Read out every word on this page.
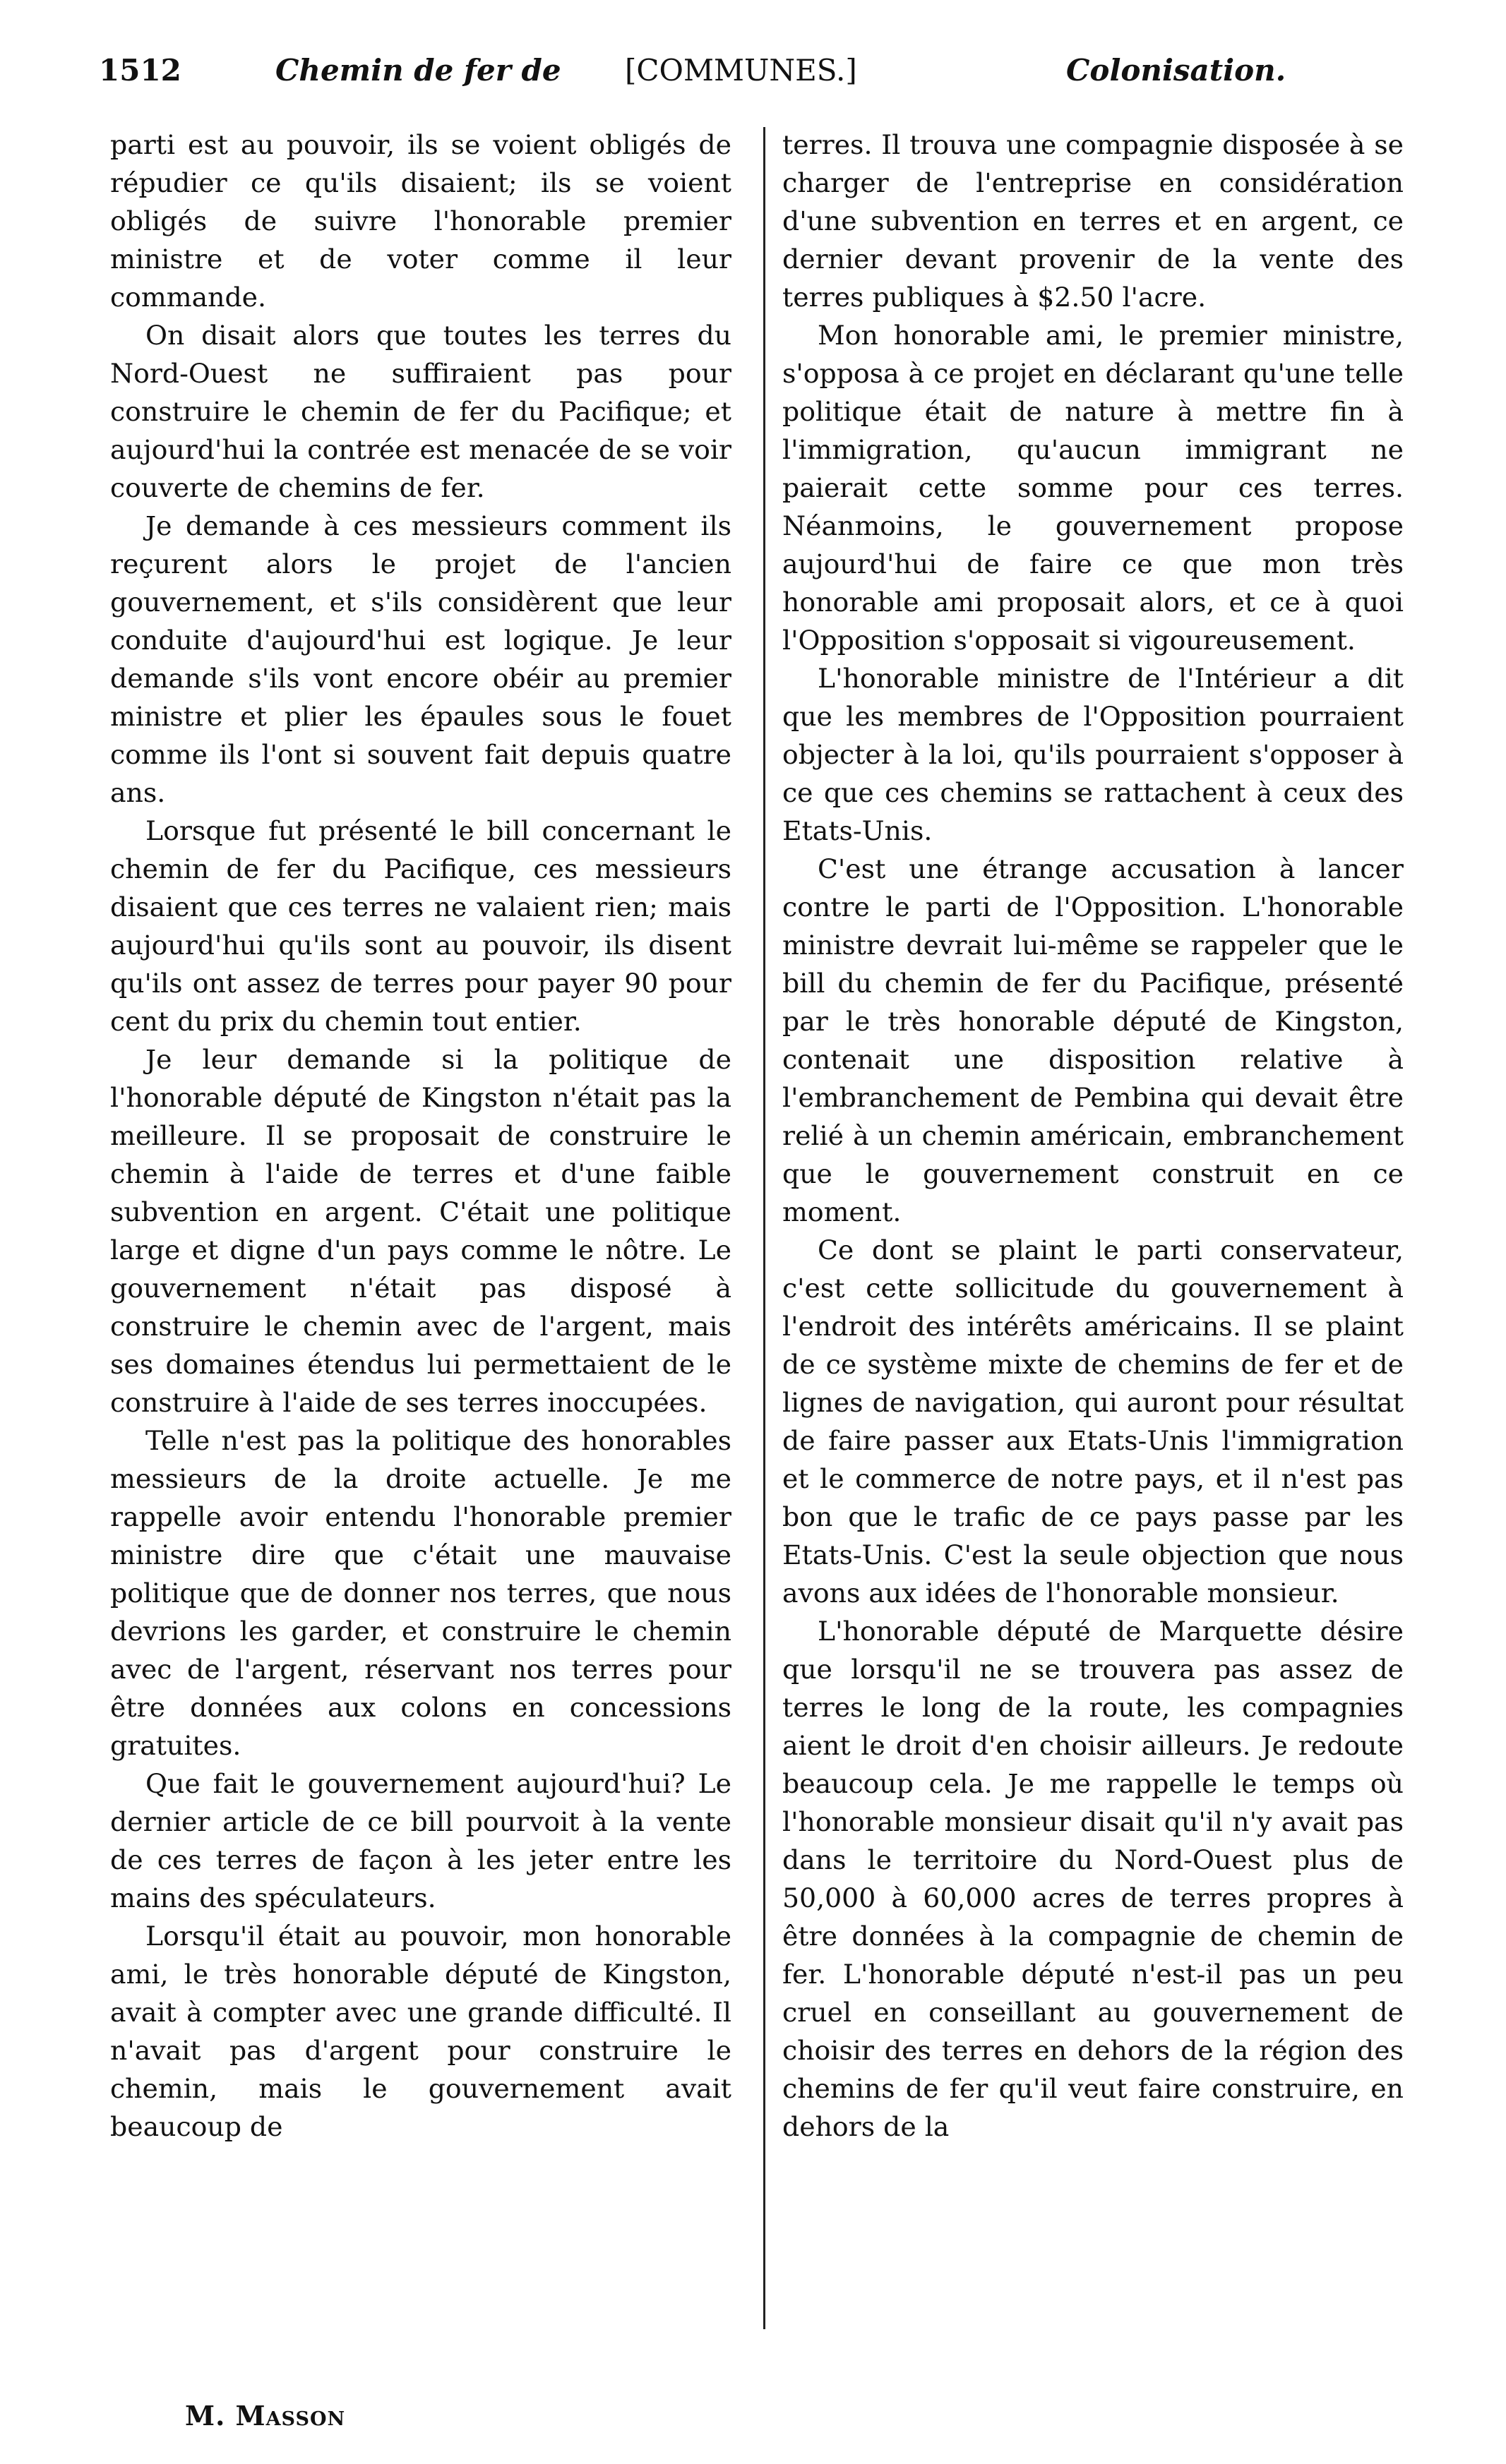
1512	Chemin de fer de [COMMUNES.]	Colonisation.

parti est au pouvoir, ils se voient obligés de répudier ce qu'ils disaient; ils se voient obligés de suivre l'honorable premier ministre et de voter comme il leur commande.

On disait alors que toutes les terres du Nord-Ouest ne suffiraient pas pour construire le chemin de fer du Pacifique; et aujourd'hui la contrée est menacée de se voir couverte de chemins de fer.

Je demande à ces messieurs comment ils reçurent alors le projet de l'ancien gouvernement, et s'ils considèrent que leur conduite d'aujourd'hui est logique. Je leur demande s'ils vont encore obéir au premier ministre et plier les épaules sous le fouet comme ils l'ont si souvent fait depuis quatre ans.

Lorsque fut présenté le bill concernant le chemin de fer du Pacifique, ces messieurs disaient que ces terres ne valaient rien; mais aujourd'hui qu'ils sont au pouvoir, ils disent qu'ils ont assez de terres pour payer 90 pour cent du prix du chemin tout entier.

Je leur demande si la politique de l'honorable député de Kingston n'était pas la meilleure. Il se proposait de construire le chemin à l'aide de terres et d'une faible subvention en argent. C'était une politique large et digne d'un pays comme le nôtre. Le gouvernement n'était pas disposé à construire le chemin avec de l'argent, mais ses domaines étendus lui permettaient de le construire à l'aide de ses terres inoccupées.

Telle n'est pas la politique des honorables messieurs de la droite actuelle. Je me rappelle avoir entendu l'honorable premier ministre dire que c'était une mauvaise politique que de donner nos terres, que nous devrions les garder, et construire le chemin avec de l'argent, réservant nos terres pour être données aux colons en concessions gratuites.

Que fait le gouvernement aujourd'hui? Le dernier article de ce bill pourvoit à la vente de ces terres de façon à les jeter entre les mains des spéculateurs.

Lorsqu'il était au pouvoir, mon honorable ami, le très honorable député de Kingston, avait à compter avec une grande difficulté. Il n'avait pas d'argent pour construire le chemin, mais le gouvernement avait beaucoup de

terres. Il trouva une compagnie disposée à se charger de l'entreprise en considération d'une subvention en terres et en argent, ce dernier devant provenir de la vente des terres publiques à $2.50 l'acre.

Mon honorable ami, le premier ministre, s'opposa à ce projet en déclarant qu'une telle politique était de nature à mettre fin à l'immigration, qu'aucun immigrant ne paierait cette somme pour ces terres. Néanmoins, le gouvernement propose aujourd'hui de faire ce que mon très honorable ami proposait alors, et ce à quoi l'Opposition s'opposait si vigoureusement.

L'honorable ministre de l'Intérieur a dit que les membres de l'Opposition pourraient objecter à la loi, qu'ils pourraient s'opposer à ce que ces chemins se rattachent à ceux des Etats-Unis.

C'est une étrange accusation à lancer contre le parti de l'Opposition. L'honorable ministre devrait lui-même se rappeler que le bill du chemin de fer du Pacifique, présenté par le très honorable député de Kingston, contenait une disposition relative à l'embranchement de Pembina qui devait être relié à un chemin américain, embranchement que le gouvernement construit en ce moment.

Ce dont se plaint le parti conservateur, c'est cette sollicitude du gouvernement à l'endroit des intérêts américains. Il se plaint de ce système mixte de chemins de fer et de lignes de navigation, qui auront pour résultat de faire passer aux Etats-Unis l'immigration et le commerce de notre pays, et il n'est pas bon que le trafic de ce pays passe par les Etats-Unis. C'est la seule objection que nous avons aux idées de l'honorable monsieur.

L'honorable député de Marquette désire que lorsqu'il ne se trouvera pas assez de terres le long de la route, les compagnies aient le droit d'en choisir ailleurs. Je redoute beaucoup cela. Je me rappelle le temps où l'honorable monsieur disait qu'il n'y avait pas dans le territoire du Nord-Ouest plus de 50,000 à 60,000 acres de terres propres à être données à la compagnie de chemin de fer. L'honorable député n'est-il pas un peu cruel en conseillant au gouvernement de choisir des terres en dehors de la région des chemins de fer qu'il veut faire construire, en dehors de la

M. Masson
